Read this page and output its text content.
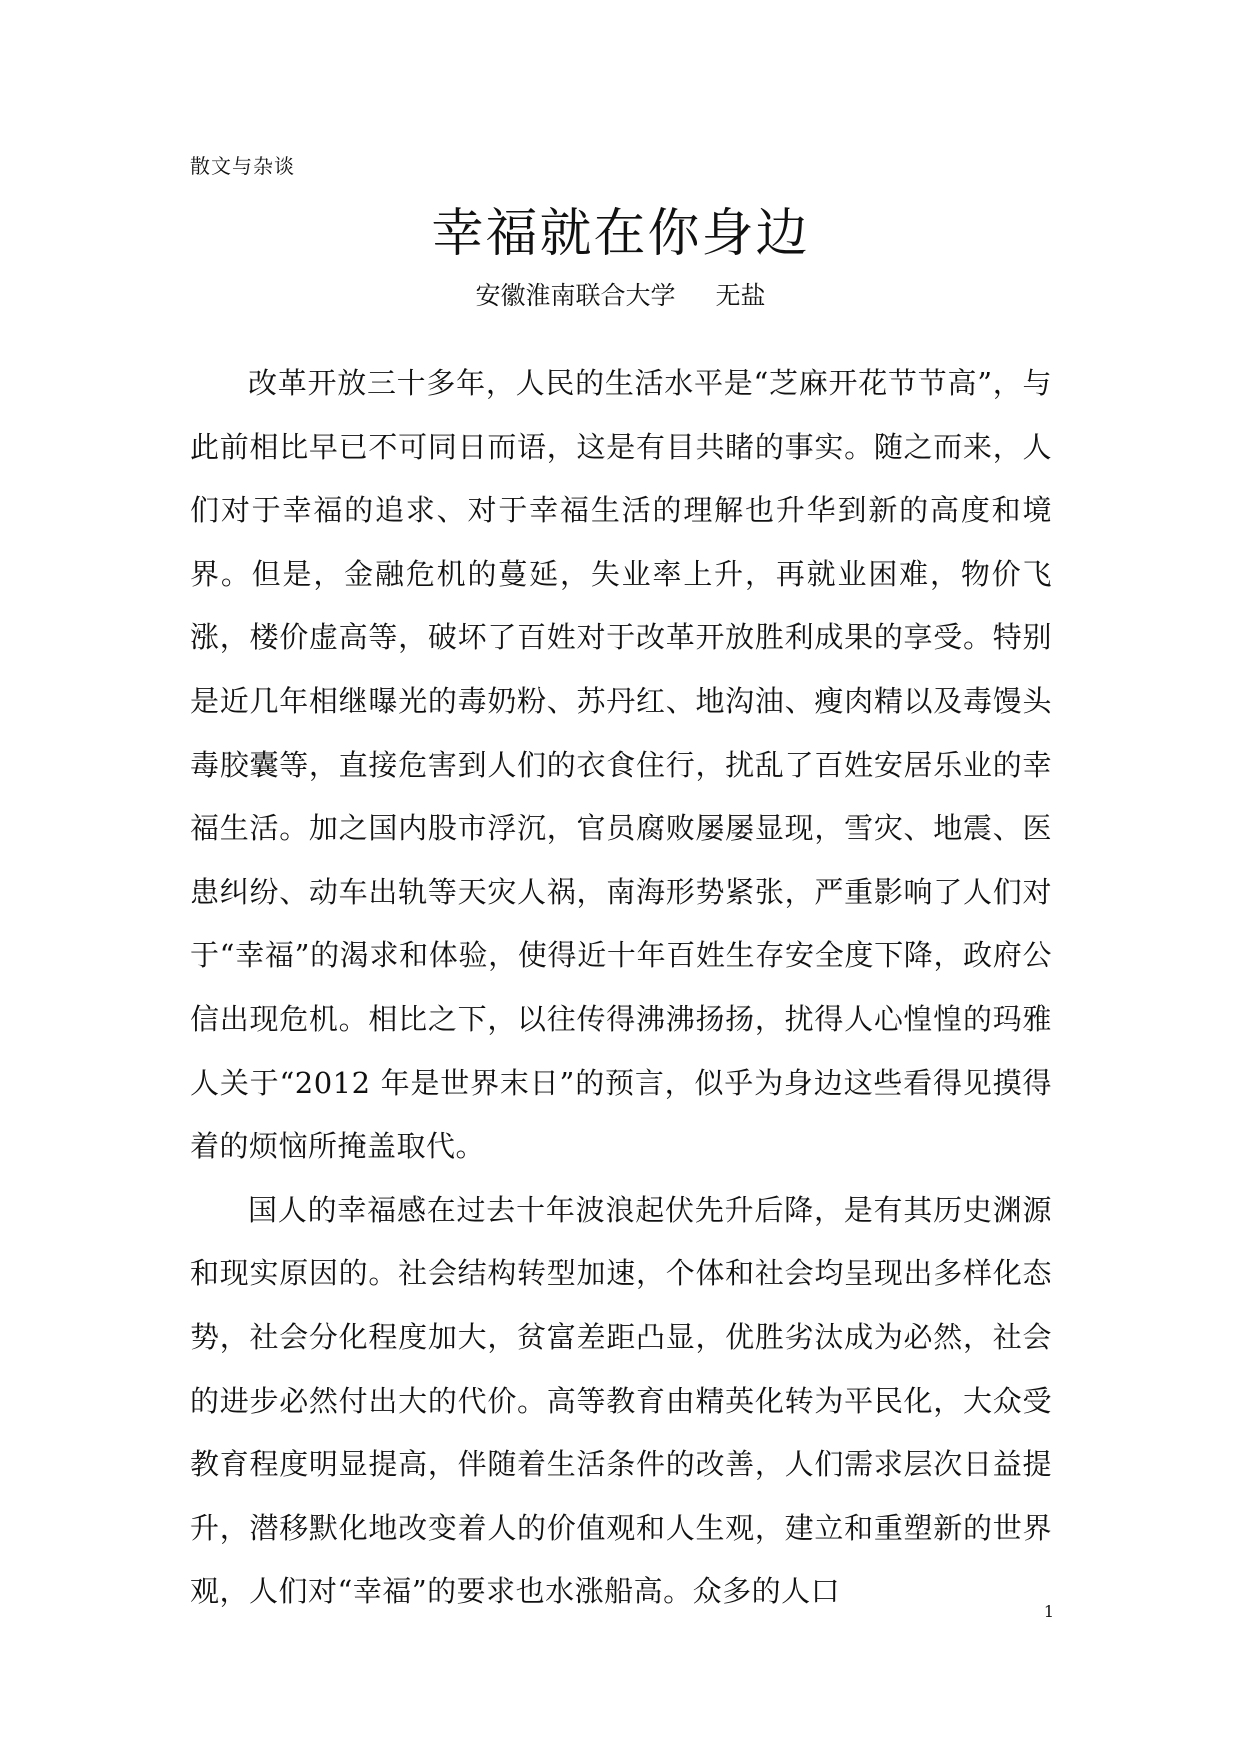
散文与杂谈
幸福就在你身边
安徽淮南联合大学 无盐

改革开放三十多年，人民的生活水平是“芝麻开花节节高”，与此前相比早已不可同日而语，这是有目共睹的事实。随之而来，人们对于幸福的追求、对于幸福生活的理解也升华到新的高度和境界。但是，金融危机的蔓延，失业率上升，再就业困难，物价飞涨，楼价虚高等，破坏了百姓对于改革开放胜利成果的享受。特别是近几年相继曝光的毒奶粉、苏丹红、地沟油、瘦肉精以及毒馒头毒胶囊等，直接危害到人们的衣食住行，扰乱了百姓安居乐业的幸福生活。加之国内股市浮沉，官员腐败屡屡显现，雪灾、地震、医患纠纷、动车出轨等天灾人祸，南海形势紧张，严重影响了人们对于“幸福”的渴求和体验，使得近十年百姓生存安全度下降，政府公信出现危机。相比之下，以往传得沸沸扬扬，扰得人心惶惶的玛雅人关于“2012 年是世界末日”的预言，似乎为身边这些看得见摸得着的烦恼所掩盖取代。

国人的幸福感在过去十年波浪起伏先升后降，是有其历史渊源和现实原因的。社会结构转型加速，个体和社会均呈现出多样化态势，社会分化程度加大，贫富差距凸显，优胜劣汰成为必然，社会的进步必然付出大的代价。高等教育由精英化转为平民化，大众受教育程度明显提高，伴随着生活条件的改善，人们需求层次日益提升，潜移默化地改变着人的价值观和人生观，建立和重塑新的世界观，人们对“幸福”的要求也水涨船高。众多的人口

1
